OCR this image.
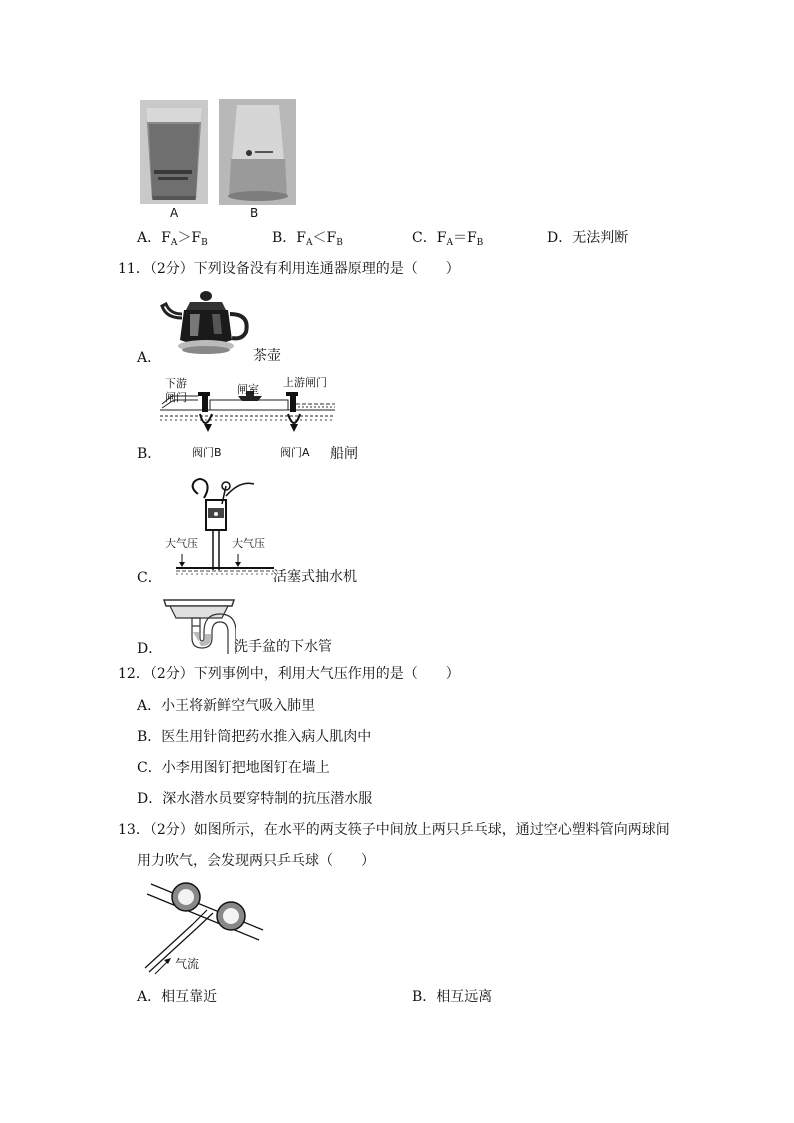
A	B
A．$F_A>F_B$	B．$F_A<F_B$	C．$F_A=F_B$	D．无法判断
11．（2分）下列设备没有利用连通器原理的是（　　）
A．	茶壶
下游
闸门
闸室
上游闸门
阀门B	阀门A
B．	船闸
大气压	大气压
C．	活塞式抽水机
D．	洗手盆的下水管
12．（2分）下列事例中，利用大气压作用的是（　　）
A．小王将新鲜空气吸入肺里
B．医生用针筒把药水推入病人肌肉中
C．小李用图钉把地图钉在墙上
D．深水潜水员要穿特制的抗压潜水服
13．（2分）如图所示，在水平的两支筷子中间放上两只乒乓球，通过空心塑料管向两球间
用力吹气，会发现两只乒乓球（　　）
气流
A．相互靠近	B．相互远离
